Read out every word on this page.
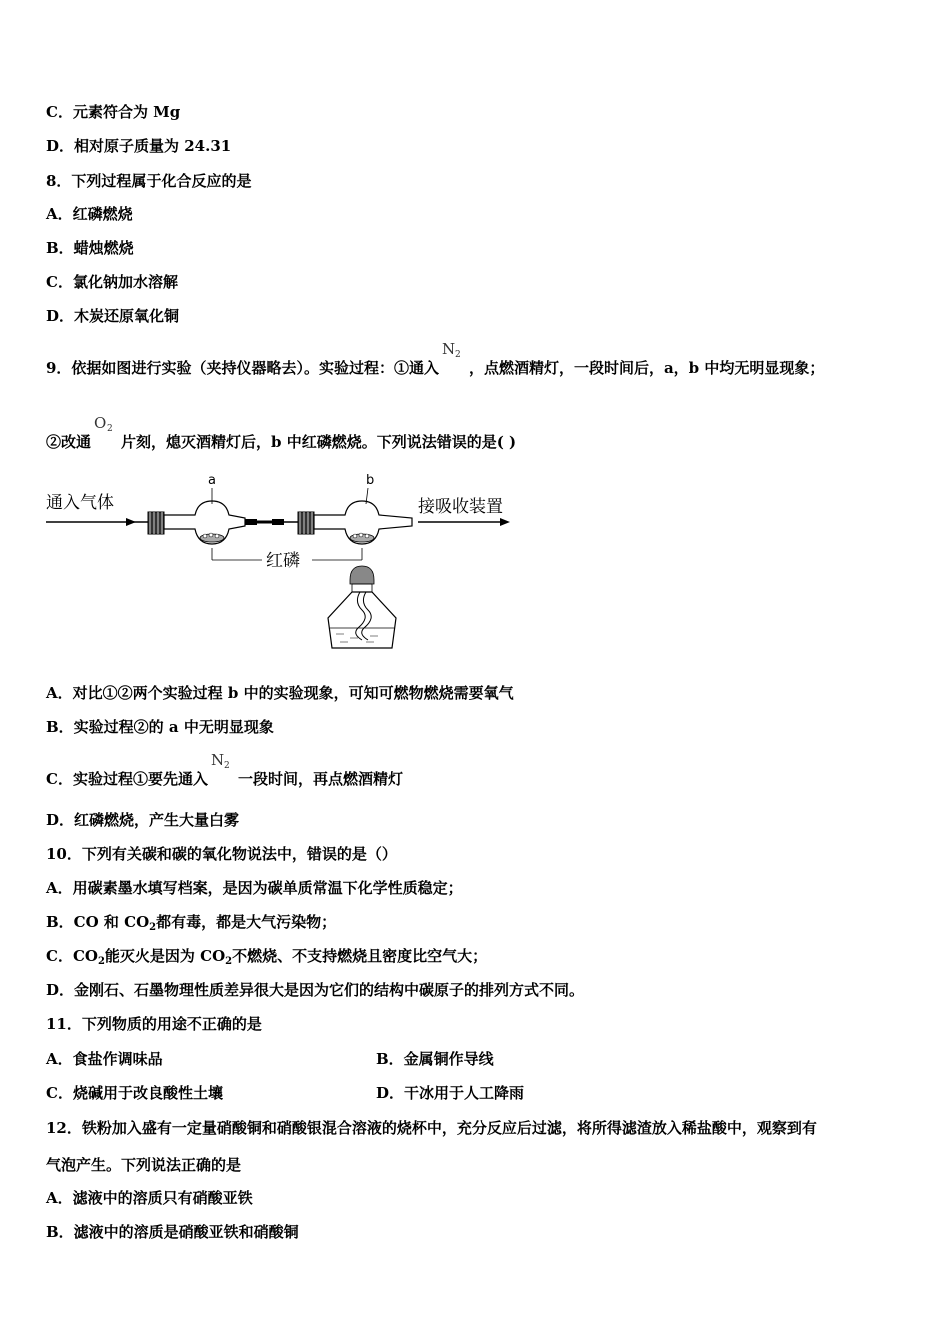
C．元素符合为 Mg
D．相对原子质量为 24.31
8．下列过程属于化合反应的是
A．红磷燃烧
B．蜡烛燃烧
C．氯化钠加水溶解
D．木炭还原氧化铜
9．依据如图进行实验（夹持仪器略去）。实验过程：①通入
N 2
，点燃酒精灯，一段时间后，a，b 中均无明显现象；
②改通
O 2
片刻，熄灭酒精灯后，b 中红磷燃烧。下列说法错误的是( )
通入气体
a	b
接吸收装置
红磷
A．对比①②两个实验过程 b 中的实验现象，可知可燃物燃烧需要氧气
B．实验过程②的 a 中无明显现象
C．实验过程①要先通入
N 2
一段时间，再点燃酒精灯
D．红磷燃烧，产生大量白雾
10．下列有关碳和碳的氧化物说法中，错误的是（）
A．用碳素墨水填写档案，是因为碳单质常温下化学性质稳定；
B．CO 和 $CO_2$都有毒，都是大气污染物；
C．$CO_2$能灭火是因为 $CO_2$不燃烧、不支持燃烧且密度比空气大；
D．金刚石、石墨物理性质差异很大是因为它们的结构中碳原子的排列方式不同。
11．下列物质的用途不正确的是
A．食盐作调味品	B．金属铜作导线
C．烧碱用于改良酸性土壤	D．干冰用于人工降雨
12．铁粉加入盛有一定量硝酸铜和硝酸银混合溶液的烧杯中，充分反应后过滤，将所得滤渣放入稀盐酸中，观察到有
气泡产生。下列说法正确的是
A．滤液中的溶质只有硝酸亚铁
B．滤液中的溶质是硝酸亚铁和硝酸铜
